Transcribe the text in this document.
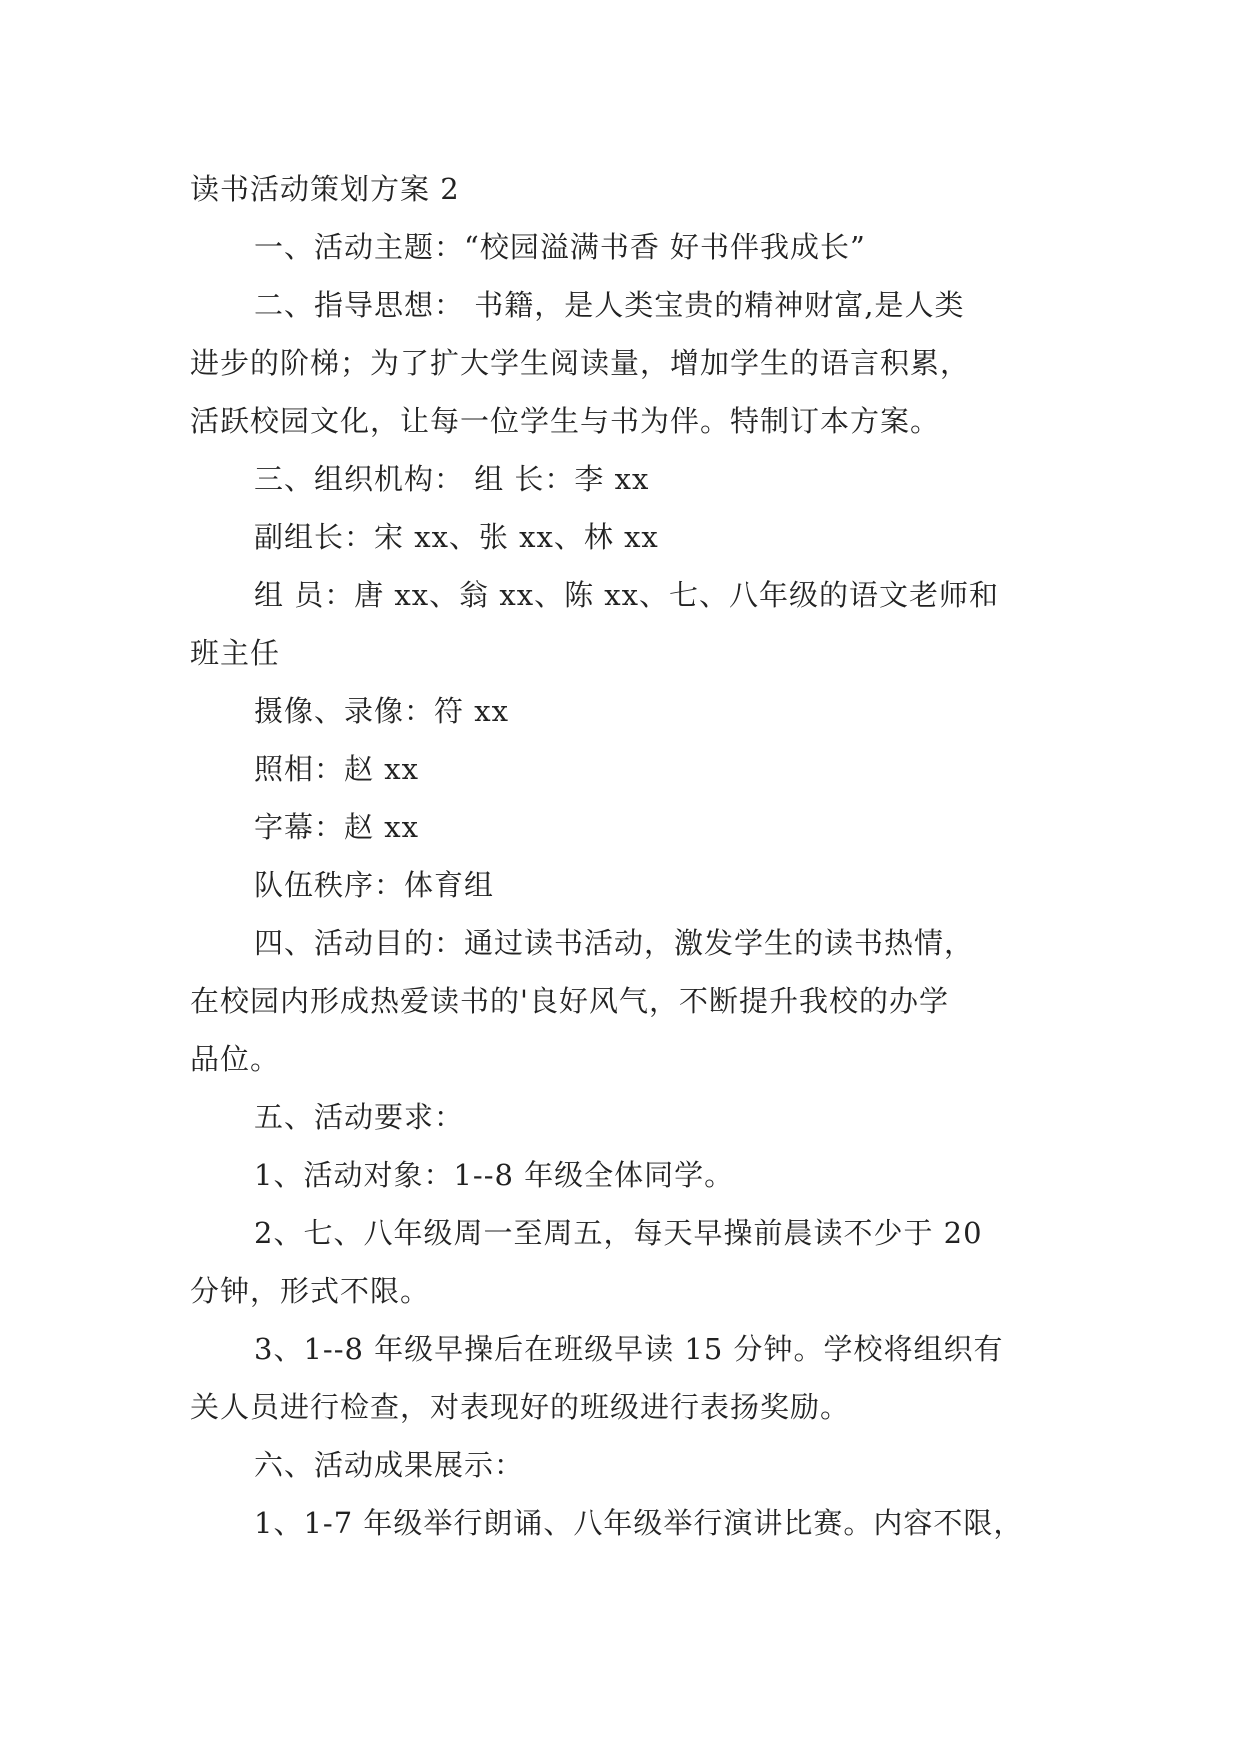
读书活动策划方案 2
一、活动主题：“校园溢满书香 好书伴我成长”
二、指导思想： 书籍，是人类宝贵的精神财富,是人类
进步的阶梯；为了扩大学生阅读量，增加学生的语言积累，
活跃校园文化，让每一位学生与书为伴。特制订本方案。
三、组织机构： 组 长：李 xx
副组长：宋 xx、张 xx、林 xx
组 员：唐 xx、翁 xx、陈 xx、七、八年级的语文老师和
班主任
摄像、录像：符 xx
照相：赵 xx
字幕：赵 xx
队伍秩序：体育组
四、活动目的：通过读书活动，激发学生的读书热情，
在校园内形成热爱读书的'良好风气，不断提升我校的办学
品位。
五、活动要求：
1、活动对象：1--8 年级全体同学。
2、七、八年级周一至周五，每天早操前晨读不少于 20
分钟，形式不限。
3、1--8 年级早操后在班级早读 15 分钟。学校将组织有
关人员进行检查，对表现好的班级进行表扬奖励。
六、活动成果展示：
1、1-7 年级举行朗诵、八年级举行演讲比赛。内容不限，
